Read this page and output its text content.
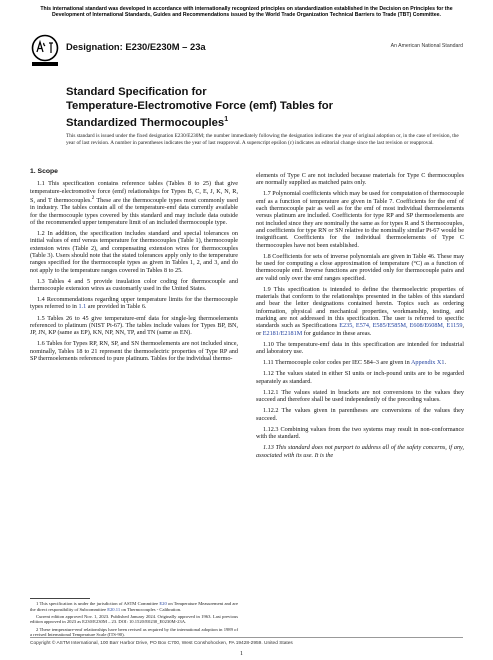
This international standard was developed in accordance with internationally recognized principles on standardization established in the Decision on Principles for the Development of International Standards, Guides and Recommendations issued by the World Trade Organization Technical Barriers to Trade (TBT) Committee.
Designation: E230/E230M – 23a	An American National Standard
Standard Specification for
Temperature-Electromotive Force (emf) Tables for
Standardized Thermocouples$^1$
This standard is issued under the fixed designation E230/E230M; the number immediately following the designation indicates the year of original adoption or, in the case of revision, the year of last revision. A number in parentheses indicates the year of last reapproval. A superscript epsilon (ε) indicates an editorial change since the last revision or reapproval.
1. Scope

1.1 This specification contains reference tables (Tables 8 to 25) that give temperature-electromotive force (emf) relationships for Types B, C, E, J, K, N, R, S, and T thermocouples.$^2$ These are the thermocouple types most commonly used in industry. The tables contain all of the temperature-emf data currently available for the thermocouple types covered by this standard and may include data outside of the recommended upper temperature limit of an included thermocouple type.

1.2 In addition, the specification includes standard and special tolerances on initial values of emf versus temperature for thermocouples (Table 1), thermocouple extension wires (Table 2), and compensating extension wires for thermocouples (Table 3). Users should note that the stated tolerances apply only to the temperature ranges specified for the thermocouple types as given in Tables 1, 2, and 3, and do not apply to the temperature ranges covered in Tables 8 to 25.

1.3 Tables 4 and 5 provide insulation color coding for thermocouple and thermocouple extension wires as customarily used in the United States.

1.4 Recommendations regarding upper temperature limits for the thermocouple types referred to in 1.1 are provided in Table 6.

1.5 Tables 26 to 45 give temperature-emf data for single-leg thermoelements referenced to platinum (NIST Pt-67). The tables include values for Types BP, BN, JP, JN, KP (same as EP), KN, NP, NN, TP, and TN (same as EN).

1.6 Tables for Types RP, RN, SP, and SN thermoelements are not included since, nominally, Tables 18 to 21 represent the thermoelectric properties of Type RP and SP thermoelements referenced to pure platinum. Tables for the individual thermo-

elements of Type C are not included because materials for Type C thermocouples are normally supplied as matched pairs only.

1.7 Polynomial coefficients which may be used for computation of thermocouple emf as a function of temperature are given in Table 7. Coefficients for the emf of each thermocouple pair as well as for the emf of most individual thermoelements versus platinum are included. Coefficients for type RP and SP thermoelements are not included since they are nominally the same as for types R and S thermocouples, and coefficients for type RN or SN relative to the nominally similar Pt-67 would be insignificant. Coefficients for the individual thermoelements of Type C thermocouples have not been established.

1.8 Coefficients for sets of inverse polynomials are given in Table 46. These may be used for computing a close approximation of temperature (°C) as a function of thermocouple emf. Inverse functions are provided only for thermocouple pairs and are valid only over the emf ranges specified.

1.9 This specification is intended to define the thermoelectric properties of materials that conform to the relationships presented in the tables of this standard and bear the letter designations contained herein. Topics such as ordering information, physical and mechanical properties, workmanship, testing, and marking are not addressed in this specification. The user is referred to specific standards such as Specifications E235, E574, E585/E585M, E608/E608M, E1159, or E2181/E2181M for guidance in these areas.

1.10 The temperature-emf data in this specification are intended for industrial and laboratory use.

1.11 Thermocouple color codes per IEC 584–3 are given in Appendix X1.

1.12 The values stated in either SI units or inch-pound units are to be regarded separately as standard.

1.12.1 The values stated in brackets are not conversions to the values they succeed and therefore shall be used independently of the preceding values.

1.12.2 The values given in parentheses are conversions of the values they succeed.

1.12.3 Combining values from the two systems may result in non-conformance with the standard.

1.13 This standard does not purport to address all of the safety concerns, if any, associated with its use. It is the

1 This specification is under the jurisdiction of ASTM Committee E20 on Temperature Measurement and are the direct responsibility of Subcommittee E20.11 on Thermocouples - Calibration.

Current edition approved Nov. 1, 2023. Published January 2024. Originally approved in 1963. Last previous edition approved in 2023 as E230/E230M – 23. DOI: 10.1520/E0230_E0230M-23A.

2 These temperature-emf relationships have been revised as required by the international adoption in 1989 of a revised International Temperature Scale (ITS-90).

Copyright © ASTM International, 100 Barr Harbor Drive, PO Box C700, West Conshohocken, PA 19428-2959. United States
1
